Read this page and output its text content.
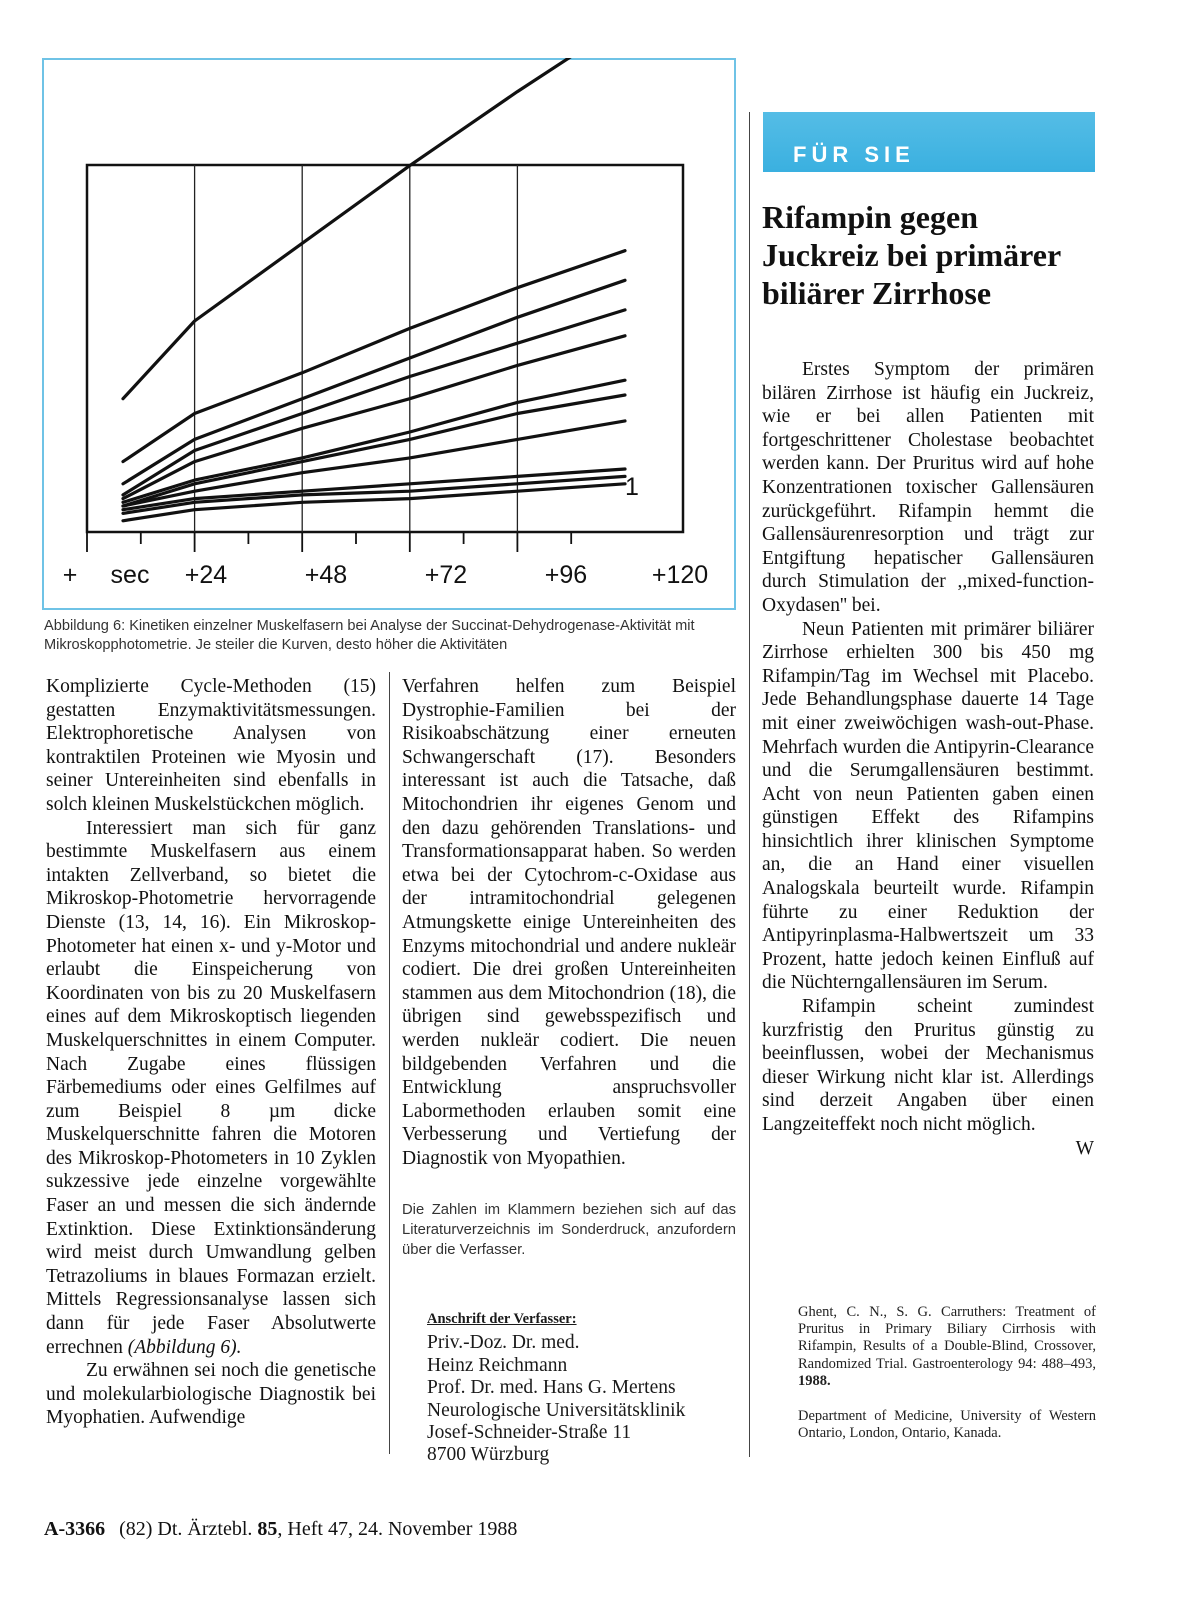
+ sec +24	+48	+72	+96	+120
1
Abbildung 6: Kinetiken einzelner Muskelfasern bei Analyse der Succinat-Dehydrogenase-Aktivität mit Mikroskopphotometrie. Je steiler die Kurven, desto höher die Aktivitäten

Komplizierte Cycle-Methoden (15) gestatten Enzymaktivitätsmessungen. Elektrophoretische Analysen von kontraktilen Proteinen wie Myosin und seiner Untereinheiten sind ebenfalls in solch kleinen Muskelstückchen möglich.

Interessiert man sich für ganz bestimmte Muskelfasern aus einem intakten Zellverband, so bietet die Mikroskop-Photometrie hervorragende Dienste (13, 14, 16). Ein Mikroskop-Photometer hat einen x- und y-Motor und erlaubt die Einspeicherung von Koordinaten von bis zu 20 Muskelfasern eines auf dem Mikroskoptisch liegenden Muskelquerschnittes in einem Computer. Nach Zugabe eines flüssigen Färbemediums oder eines Gelfilmes auf zum Beispiel 8 µm dicke Muskelquerschnitte fahren die Motoren des Mikroskop-Photometers in 10 Zyklen sukzessive jede einzelne vorgewählte Faser an und messen die sich ändernde Extinktion. Diese Extinktionsänderung wird meist durch Umwandlung gelben Tetrazoliums in blaues Formazan erzielt. Mittels Regressionsanalyse lassen sich dann für jede Faser Absolutwerte errechnen (Abbildung 6).

Zu erwähnen sei noch die genetische und molekularbiologische Diagnostik bei Myophatien. Aufwendige

Verfahren helfen zum Beispiel Dystrophie-Familien bei der Risikoabschätzung einer erneuten Schwangerschaft (17). Besonders interessant ist auch die Tatsache, daß Mitochondrien ihr eigenes Genom und den dazu gehörenden Translations- und Transformationsapparat haben. So werden etwa bei der Cytochrom-c-Oxidase aus der intramitochondrial gelegenen Atmungskette einige Untereinheiten des Enzyms mitochondrial und andere nukleär codiert. Die drei großen Untereinheiten stammen aus dem Mitochondrion (18), die übrigen sind gewebsspezifisch und werden nukleär codiert. Die neuen bildgebenden Verfahren und die Entwicklung anspruchsvoller Labormethoden erlauben somit eine Verbesserung und Vertiefung der Diagnostik von Myopathien.

Die Zahlen im Klammern beziehen sich auf das Literaturverzeichnis im Sonderdruck, anzufordern über die Verfasser.
Anschrift der Verfasser:
Priv.-Doz. Dr. med.
Heinz Reichmann
Prof. Dr. med. Hans G. Mertens
Neurologische Universitätsklinik
Josef-Schneider-Straße 11
8700 Würzburg
FÜR SIE REFERIERT
Rifampin gegen Juckreiz bei primärer biliärer Zirrhose

Erstes Symptom der primären bilären Zirrhose ist häufig ein Juckreiz, wie er bei allen Patienten mit fortgeschrittener Cholestase beobachtet werden kann. Der Pruritus wird auf hohe Konzentrationen toxischer Gallensäuren zurückgeführt. Rifampin hemmt die Gallensäurenresorption und trägt zur Entgiftung hepatischer Gallensäuren durch Stimulation der ,,mixed-function-Oxydasen'' bei.

Neun Patienten mit primärer biliärer Zirrhose erhielten 300 bis 450 mg Rifampin/Tag im Wechsel mit Placebo. Jede Behandlungsphase dauerte 14 Tage mit einer zweiwöchigen wash-out-Phase. Mehrfach wurden die Antipyrin-Clearance und die Serumgallensäuren bestimmt. Acht von neun Patienten gaben einen günstigen Effekt des Rifampins hinsichtlich ihrer klinischen Symptome an, die an Hand einer visuellen Analogskala beurteilt wurde. Rifampin führte zu einer Reduktion der Antipyrinplasma-Halbwertszeit um 33 Prozent, hatte jedoch keinen Einfluß auf die Nüchterngallensäuren im Serum.

Rifampin scheint zumindest kurzfristig den Pruritus günstig zu beeinflussen, wobei der Mechanismus dieser Wirkung nicht klar ist. Allerdings sind derzeit Angaben über einen Langzeiteffekt noch nicht möglich.
W

Ghent, C. N., S. G. Carruthers: Treatment of Pruritus in Primary Biliary Cirrhosis with Rifampin, Results of a Double-Blind, Crossover, Randomized Trial. Gastroenterology 94: 488–493, 1988.
Department of Medicine, University of Western Ontario, London, Ontario, Kanada.
A-3366 (82) Dt. Ärztebl. 85, Heft 47, 24. November 1988
